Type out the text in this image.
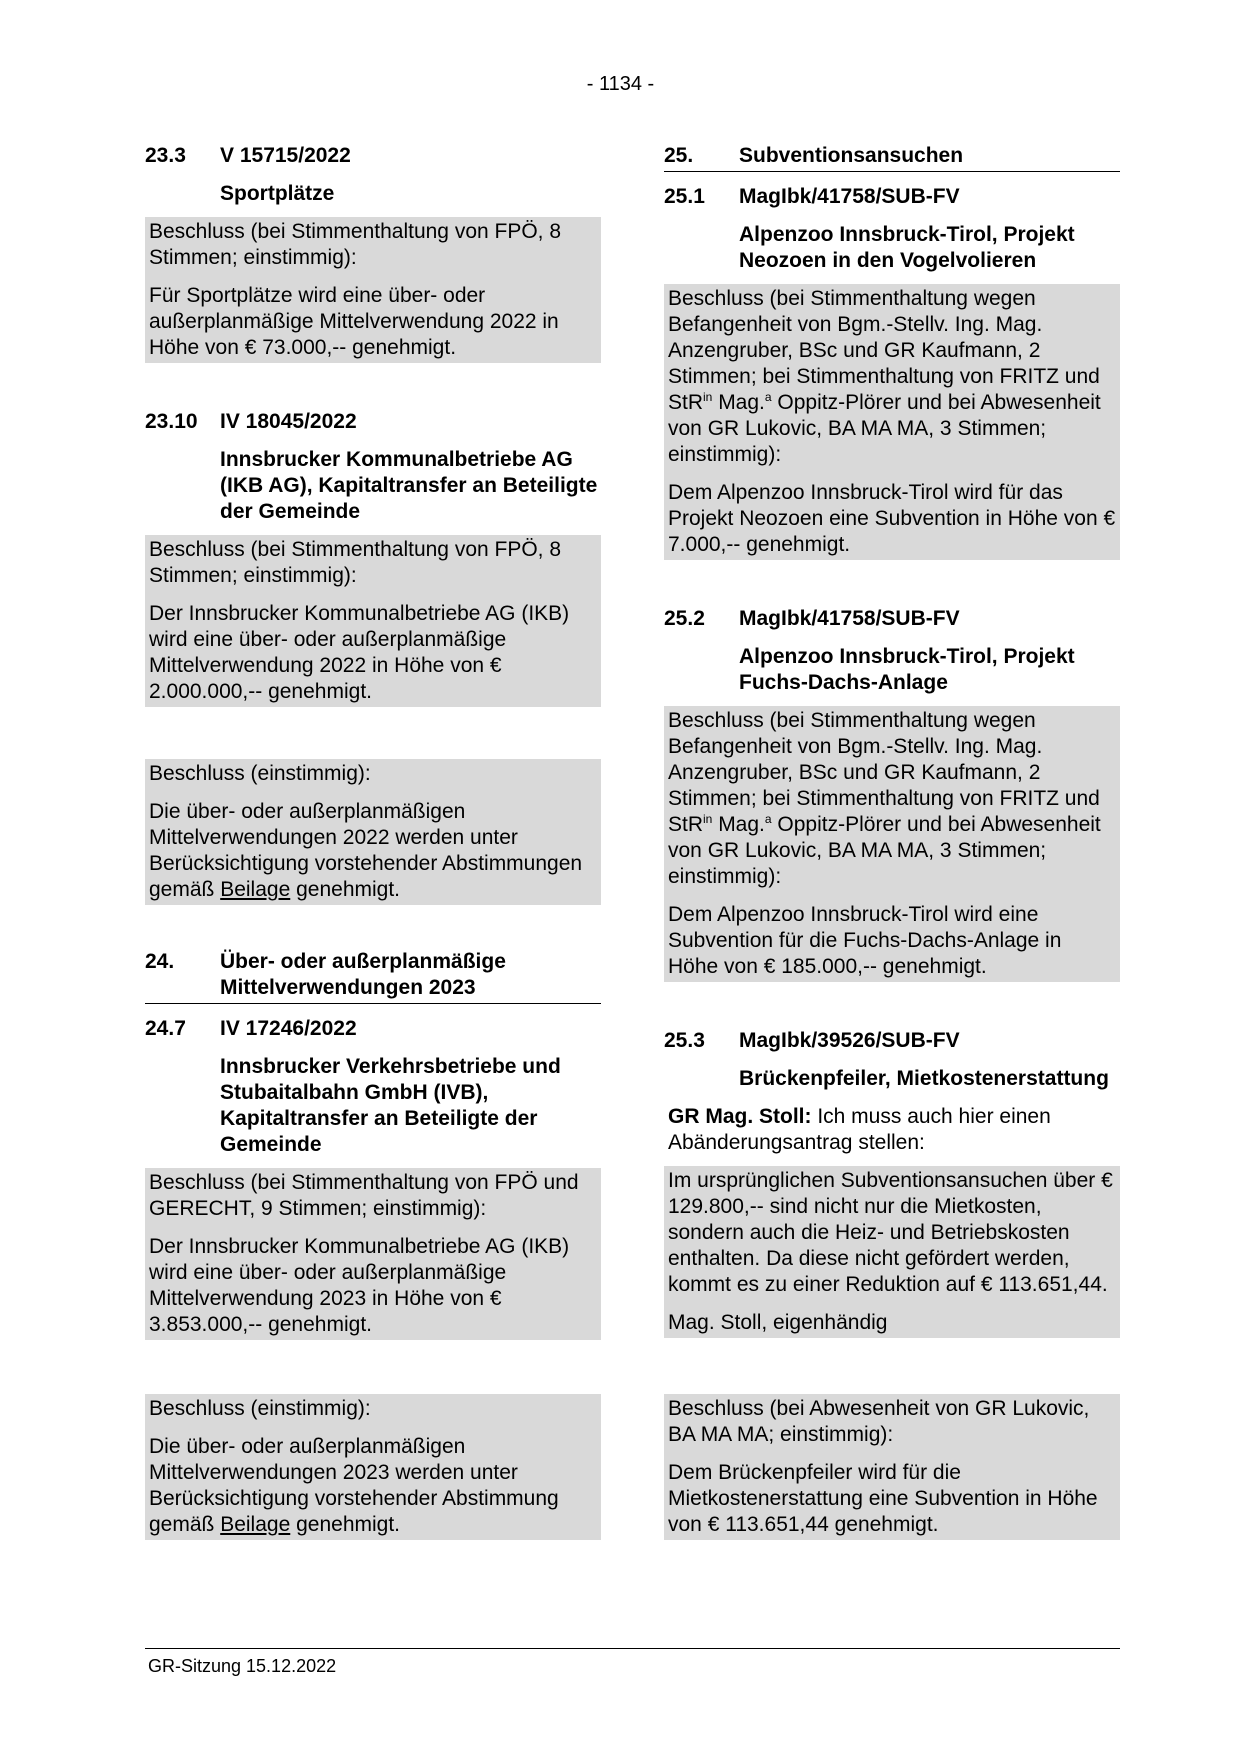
- 1134 -
23.3	V 15715/2022
Sportplätze

Beschluss (bei Stimmenthaltung von FPÖ, 8 Stimmen; einstimmig):

Für Sportplätze wird eine über- oder außerplanmäßige Mittelverwendung 2022 in Höhe von € 73.000,-- genehmigt.

23.10	IV 18045/2022
Innsbrucker Kommunalbetriebe AG (IKB AG), Kapitaltransfer an Beteiligte der Gemeinde

Beschluss (bei Stimmenthaltung von FPÖ, 8 Stimmen; einstimmig):

Der Innsbrucker Kommunalbetriebe AG (IKB) wird eine über- oder außerplanmäßige Mittelverwendung 2022 in Höhe von € 2.000.000,-- genehmigt.

Beschluss (einstimmig):

Die über- oder außerplanmäßigen Mittelverwendungen 2022 werden unter Berücksichtigung vorstehender Abstimmungen gemäß Beilage genehmigt.

24.	Über- oder außerplanmäßige Mittelverwendungen 2023
24.7	IV 17246/2022
Innsbrucker Verkehrsbetriebe und Stubaitalbahn GmbH (IVB), Kapitaltransfer an Beteiligte der Gemeinde

Beschluss (bei Stimmenthaltung von FPÖ und GERECHT, 9 Stimmen; einstimmig):

Der Innsbrucker Kommunalbetriebe AG (IKB) wird eine über- oder außerplanmäßige Mittelverwendung 2023 in Höhe von € 3.853.000,-- genehmigt.

Beschluss (einstimmig):

Die über- oder außerplanmäßigen Mittelverwendungen 2023 werden unter Berücksichtigung vorstehender Abstimmung gemäß Beilage genehmigt.

25.	Subventionsansuchen
25.1	MagIbk/41758/SUB-FV
Alpenzoo Innsbruck-Tirol, Projekt Neozoen in den Vogelvolieren

Beschluss (bei Stimmenthaltung wegen Befangenheit von Bgm.-Stellv. Ing. Mag. Anzengruber, BSc und GR Kaufmann, 2 Stimmen; bei Stimmenthaltung von FRITZ und StR$^{in}$ Mag.$^a$ Oppitz-Plörer und bei Abwesenheit von GR Lukovic, BA MA MA, 3 Stimmen; einstimmig):

Dem Alpenzoo Innsbruck-Tirol wird für das Projekt Neozoen eine Subvention in Höhe von € 7.000,-- genehmigt.

25.2	MagIbk/41758/SUB-FV
Alpenzoo Innsbruck-Tirol, Projekt Fuchs-Dachs-Anlage

Beschluss (bei Stimmenthaltung wegen Befangenheit von Bgm.-Stellv. Ing. Mag. Anzengruber, BSc und GR Kaufmann, 2 Stimmen; bei Stimmenthaltung von FRITZ und StR$^{in}$ Mag.$^a$ Oppitz-Plörer und bei Abwesenheit von GR Lukovic, BA MA MA, 3 Stimmen; einstimmig):

Dem Alpenzoo Innsbruck-Tirol wird eine Subvention für die Fuchs-Dachs-Anlage in Höhe von € 185.000,-- genehmigt.

25.3	MagIbk/39526/SUB-FV
Brückenpfeiler, Mietkostenerstattung
GR Mag. Stoll: Ich muss auch hier einen Abänderungsantrag stellen:

Im ursprünglichen Subventionsansuchen über € 129.800,-- sind nicht nur die Mietkosten, sondern auch die Heiz- und Betriebskosten enthalten. Da diese nicht gefördert werden, kommt es zu einer Reduktion auf € 113.651,44.

Mag. Stoll, eigenhändig

Beschluss (bei Abwesenheit von GR Lukovic, BA MA MA; einstimmig):

Dem Brückenpfeiler wird für die Mietkostenerstattung eine Subvention in Höhe von € 113.651,44 genehmigt.

GR-Sitzung 15.12.2022
